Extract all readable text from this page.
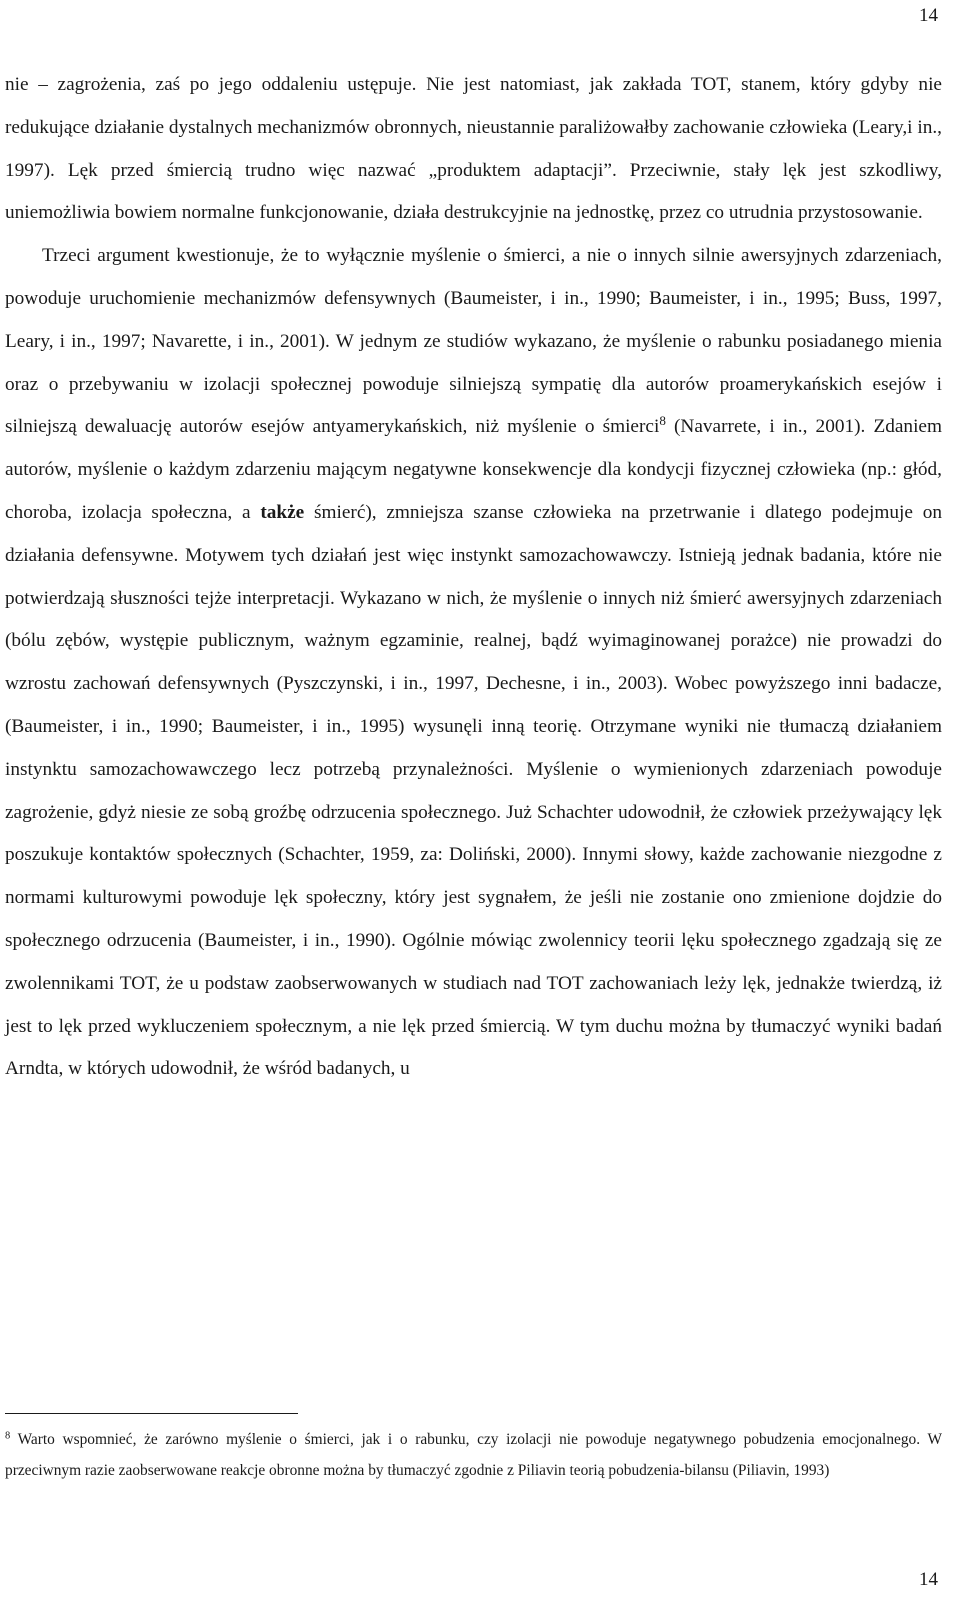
14

nie – zagrożenia, zaś po jego oddaleniu ustępuje. Nie jest natomiast, jak zakłada TOT, stanem, który gdyby nie redukujące działanie dystalnych mechanizmów obronnych, nieustannie paraliżowałby zachowanie człowieka (Leary,i in., 1997). Lęk przed śmiercią trudno więc nazwać „produktem adaptacji”. Przeciwnie, stały lęk jest szkodliwy, uniemożliwia bowiem normalne funkcjonowanie, działa destrukcyjnie na jednostkę, przez co utrudnia przystosowanie.

Trzeci argument kwestionuje, że to wyłącznie myślenie o śmierci, a nie o innych silnie awersyjnych zdarzeniach, powoduje uruchomienie mechanizmów defensywnych (Baumeister, i in., 1990; Baumeister, i in., 1995; Buss, 1997, Leary, i in., 1997; Navarette, i in., 2001). W jednym ze studiów wykazano, że myślenie o rabunku posiadanego mienia oraz o przebywaniu w izolacji społecznej powoduje silniejszą sympatię dla autorów proamerykańskich esejów i silniejszą dewaluację autorów esejów antyamerykańskich, niż myślenie o śmierci$^8$ (Navarrete, i in., 2001). Zdaniem autorów, myślenie o każdym zdarzeniu mającym negatywne konsekwencje dla kondycji fizycznej człowieka (np.: głód, choroba, izolacja społeczna, a także śmierć), zmniejsza szanse człowieka na przetrwanie i dlatego podejmuje on działania defensywne. Motywem tych działań jest więc instynkt samozachowawczy. Istnieją jednak badania, które nie potwierdzają słuszności tejże interpretacji. Wykazano w nich, że myślenie o innych niż śmierć awersyjnych zdarzeniach (bólu zębów, występie publicznym, ważnym egzaminie, realnej, bądź wyimaginowanej porażce) nie prowadzi do wzrostu zachowań defensywnych (Pyszczynski, i in., 1997, Dechesne, i in., 2003). Wobec powyższego inni badacze, (Baumeister, i in., 1990; Baumeister, i in., 1995) wysunęli inną teorię. Otrzymane wyniki nie tłumaczą działaniem instynktu samozachowawczego lecz potrzebą przynależności. Myślenie o wymienionych zdarzeniach powoduje zagrożenie, gdyż niesie ze sobą groźbę odrzucenia społecznego. Już Schachter udowodnił, że człowiek przeżywający lęk poszukuje kontaktów społecznych (Schachter, 1959, za: Doliński, 2000). Innymi słowy, każde zachowanie niezgodne z normami kulturowymi powoduje lęk społeczny, który jest sygnałem, że jeśli nie zostanie ono zmienione dojdzie do społecznego odrzucenia (Baumeister, i in., 1990). Ogólnie mówiąc zwolennicy teorii lęku społecznego zgadzają się ze zwolennikami TOT, że u podstaw zaobserwowanych w studiach nad TOT zachowaniach leży lęk, jednakże twierdzą, iż jest to lęk przed wykluczeniem społecznym, a nie lęk przed śmiercią. W tym duchu można by tłumaczyć wyniki badań Arndta, w których udowodnił, że wśród badanych, u

$^8$ Warto wspomnieć, że zarówno myślenie o śmierci, jak i o rabunku, czy izolacji nie powoduje negatywnego pobudzenia emocjonalnego. W przeciwnym razie zaobserwowane reakcje obronne można by tłumaczyć zgodnie z Piliavin teorią pobudzenia-bilansu (Piliavin, 1993)
14
